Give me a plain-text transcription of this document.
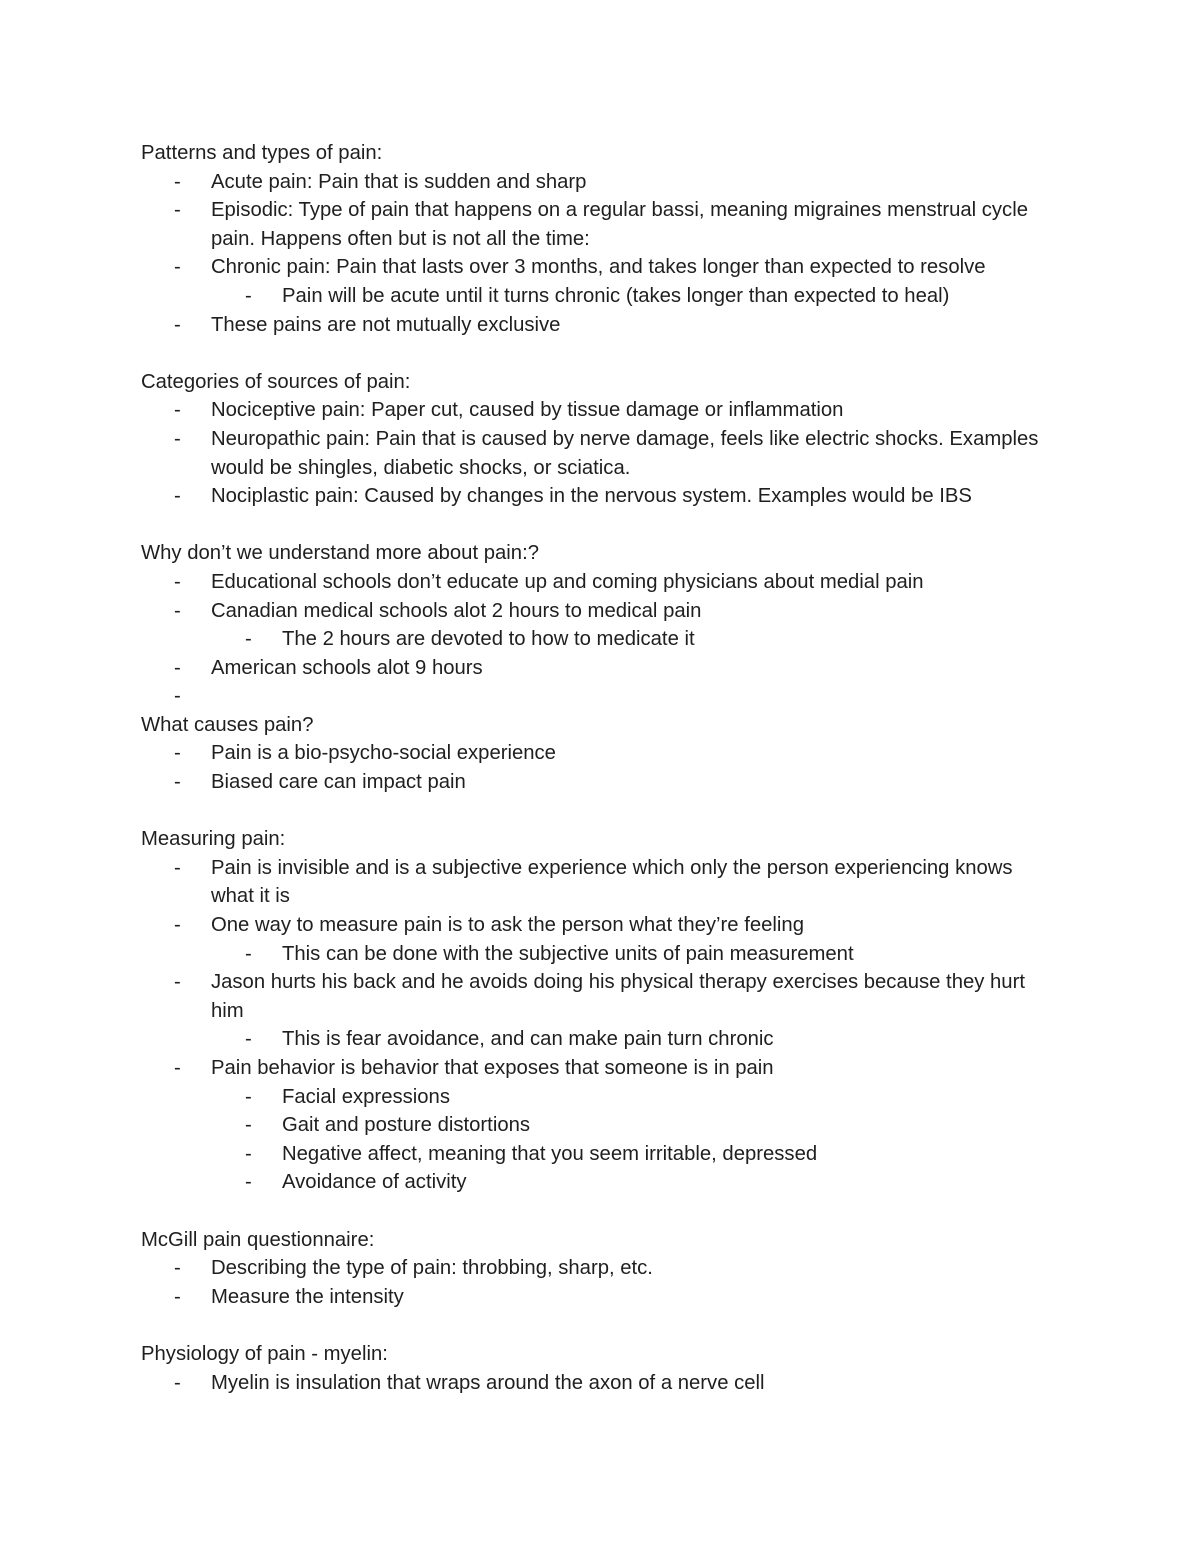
Patterns and types of pain:

- Acute pain: Pain that is sudden and sharp
- Episodic: Type of pain that happens on a regular bassi, meaning migraines menstrual cycle pain. Happens often but is not all the time:
- Chronic pain: Pain that lasts over 3 months, and takes longer than expected to resolve
- Pain will be acute until it turns chronic (takes longer than expected to heal)
- These pains are not mutually exclusive

Categories of sources of pain:

- Nociceptive pain: Paper cut, caused by tissue damage or inflammation
- Neuropathic pain: Pain that is caused by nerve damage, feels like electric shocks. Examples would be shingles, diabetic shocks, or sciatica.
- Nociplastic pain: Caused by changes in the nervous system. Examples would be IBS

Why don’t we understand more about pain:?

- Educational schools don’t educate up and coming physicians about medial pain
- Canadian medical schools alot 2 hours to medical pain
- The 2 hours are devoted to how to medicate it
- American schools alot 9 hours
-

What causes pain?

- Pain is a bio-psycho-social experience
- Biased care can impact pain

Measuring pain:

- Pain is invisible and is a subjective experience which only the person experiencing knows what it is
- One way to measure pain is to ask the person what they’re feeling
- This can be done with the subjective units of pain measurement
- Jason hurts his back and he avoids doing his physical therapy exercises because they hurt him
- This is fear avoidance, and can make pain turn chronic
- Pain behavior is behavior that exposes that someone is in pain
- Facial expressions
- Gait and posture distortions
- Negative affect, meaning that you seem irritable, depressed
- Avoidance of activity

McGill pain questionnaire:

- Describing the type of pain: throbbing, sharp, etc.
- Measure the intensity

Physiology of pain - myelin:

- Myelin is insulation that wraps around the axon of a nerve cell
